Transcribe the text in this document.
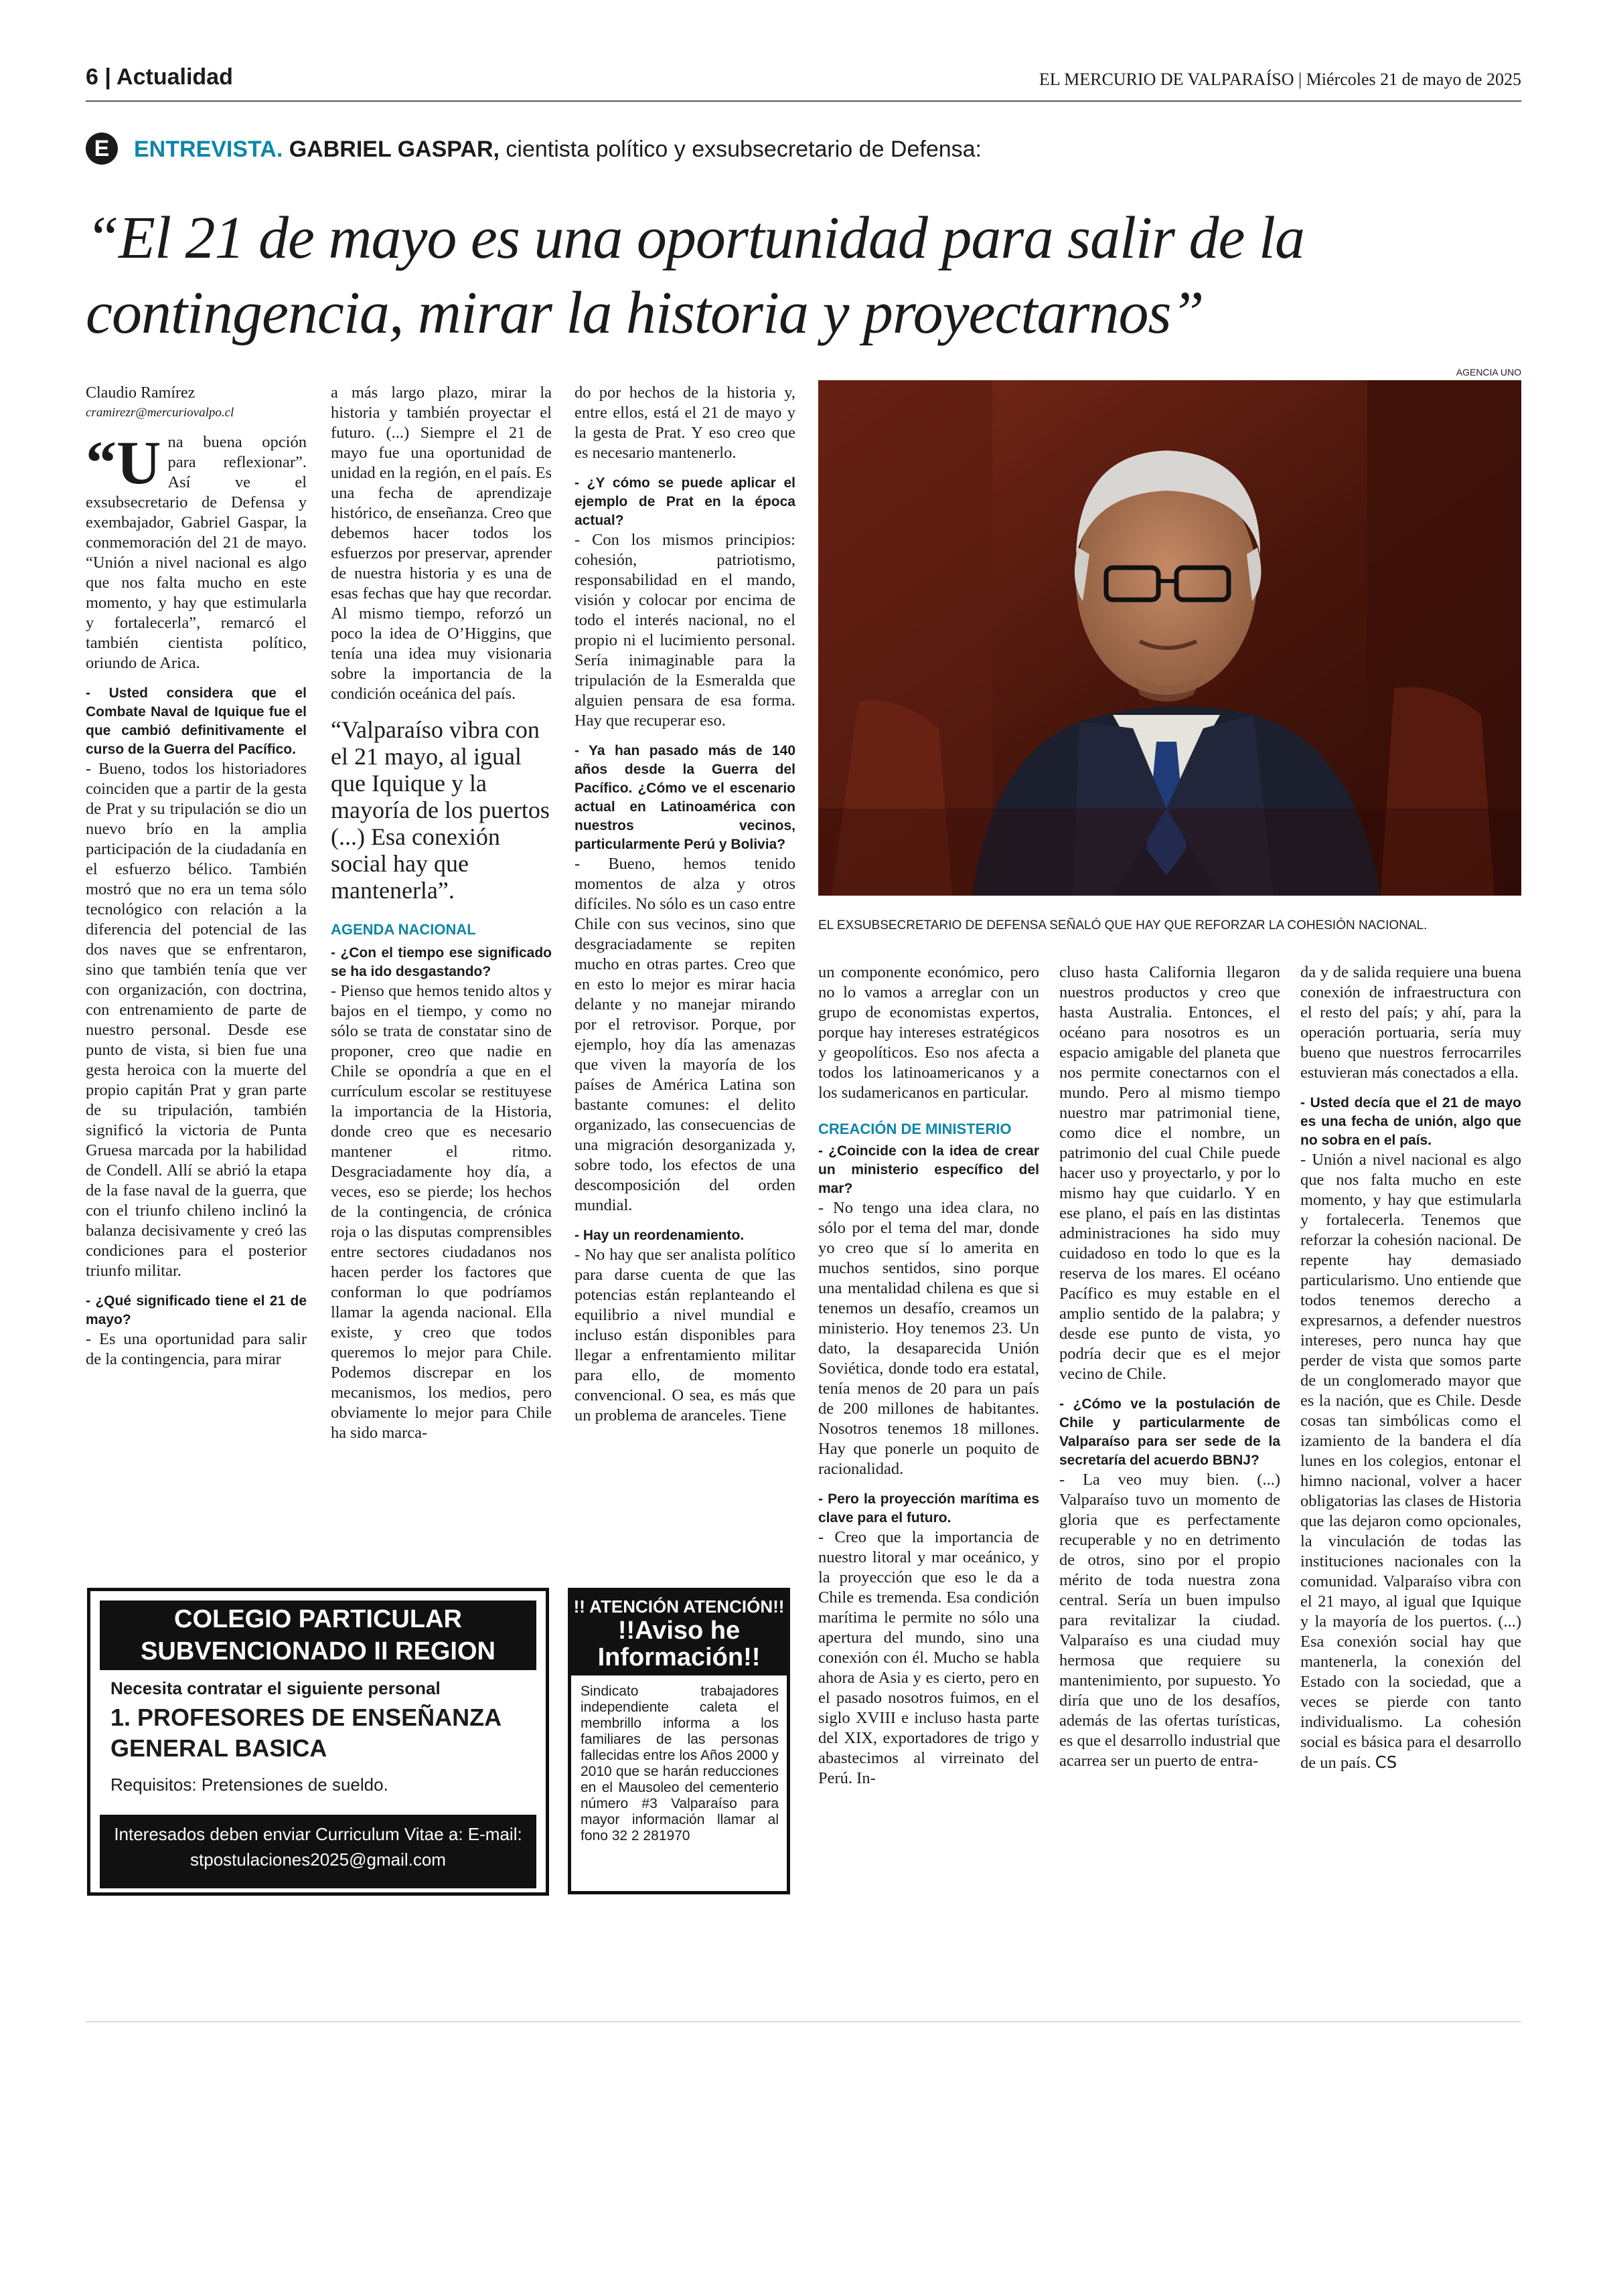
6 | Actualidad	EL MERCURIO DE VALPARAÍSO | Miércoles 21 de mayo de 2025
E	ENTREVISTA. GABRIEL GASPAR, cientista político y exsubsecretario de Defensa:
“El 21 de mayo es una oportunidad para salir de la contingencia, mirar la historia y proyectarnos”

Claudio Ramírez

cramirezr@mercuriovalpo.cl

“Una buena opción para reflexionar”. Así ve el exsubsecretario de Defensa y exembajador, Gabriel Gaspar, la conmemoración del 21 de mayo. “Unión a nivel nacional es algo que nos falta mucho en este momento, y hay que estimularla y fortalecerla”, remarcó el también cientista político, oriundo de Arica.

- Usted considera que el Combate Naval de Iquique fue el que cambió definitivamente el curso de la Guerra del Pacífico.

- Bueno, todos los historiadores coinciden que a partir de la gesta de Prat y su tripulación se dio un nuevo brío en la amplia participación de la ciudadanía en el esfuerzo bélico. También mostró que no era un tema sólo tecnológico con relación a la diferencia del potencial de las dos naves que se enfrentaron, sino que también tenía que ver con organización, con doctrina, con entrenamiento de parte de nuestro personal. Desde ese punto de vista, si bien fue una gesta heroica con la muerte del propio capitán Prat y gran parte de su tripulación, también significó la victoria de Punta Gruesa marcada por la habilidad de Condell. Allí se abrió la etapa de la fase naval de la guerra, que con el triunfo chileno inclinó la balanza decisivamente y creó las condiciones para el posterior triunfo militar.

- ¿Qué significado tiene el 21 de mayo?

- Es una oportunidad para salir de la contingencia, para mirar

a más largo plazo, mirar la historia y también proyectar el futuro. (...) Siempre el 21 de mayo fue una oportunidad de unidad en la región, en el país. Es una fecha de aprendizaje histórico, de enseñanza. Creo que debemos hacer todos los esfuerzos por preservar, aprender de nuestra historia y es una de esas fechas que hay que recordar. Al mismo tiempo, reforzó un poco la idea de O’Higgins, que tenía una idea muy visionaria sobre la importancia de la condición oceánica del país.

“Valparaíso vibra con el 21 mayo, al igual que Iquique y la mayoría de los puertos (...) Esa conexión social hay que mantenerla”.

AGENDA NACIONAL

- ¿Con el tiempo ese significado se ha ido desgastando?

- Pienso que hemos tenido altos y bajos en el tiempo, y como no sólo se trata de constatar sino de proponer, creo que nadie en Chile se opondría a que en el currículum escolar se restituyese la importancia de la Historia, donde creo que es necesario mantener el ritmo. Desgraciadamente hoy día, a veces, eso se pierde; los hechos de la contingencia, de crónica roja o las disputas comprensibles entre sectores ciudadanos nos hacen perder los factores que conforman lo que podríamos llamar la agenda nacional. Ella existe, y creo que todos queremos lo mejor para Chile. Podemos discrepar en los mecanismos, los medios, pero obviamente lo mejor para Chile ha sido marca-

do por hechos de la historia y, entre ellos, está el 21 de mayo y la gesta de Prat. Y eso creo que es necesario mantenerlo.

- ¿Y cómo se puede aplicar el ejemplo de Prat en la época actual?

- Con los mismos principios: cohesión, patriotismo, responsabilidad en el mando, visión y colocar por encima de todo el interés nacional, no el propio ni el lucimiento personal. Sería inimaginable para la tripulación de la Esmeralda que alguien pensara de esa forma. Hay que recuperar eso.

- Ya han pasado más de 140 años desde la Guerra del Pacífico. ¿Cómo ve el escenario actual en Latinoamérica con nuestros vecinos, particularmente Perú y Bolivia?

- Bueno, hemos tenido momentos de alza y otros difíciles. No sólo es un caso entre Chile con sus vecinos, sino que desgraciadamente se repiten mucho en otras partes. Creo que en esto lo mejor es mirar hacia delante y no manejar mirando por el retrovisor. Porque, por ejemplo, hoy día las amenazas que viven la mayoría de los países de América Latina son bastante comunes: el delito organizado, las consecuencias de una migración desorganizada y, sobre todo, los efectos de una descomposición del orden mundial.

- Hay un reordenamiento.

- No hay que ser analista político para darse cuenta de que las potencias están replanteando el equilibrio a nivel mundial e incluso están disponibles para llegar a enfrentamiento militar para ello, de momento convencional. O sea, es más que un problema de aranceles. Tiene

AGENCIA UNO
EL EXSUBSECRETARIO DE DEFENSA SEÑALÓ QUE HAY QUE REFORZAR LA COHESIÓN NACIONAL.

un componente económico, pero no lo vamos a arreglar con un grupo de economistas expertos, porque hay intereses estratégicos y geopolíticos. Eso nos afecta a todos los latinoamericanos y a los sudamericanos en particular.

CREACIÓN DE MINISTERIO

- ¿Coincide con la idea de crear un ministerio específico del mar?

- No tengo una idea clara, no sólo por el tema del mar, donde yo creo que sí lo amerita en muchos sentidos, sino porque una mentalidad chilena es que si tenemos un desafío, creamos un ministerio. Hoy tenemos 23. Un dato, la desaparecida Unión Soviética, donde todo era estatal, tenía menos de 20 para un país de 200 millones de habitantes. Nosotros tenemos 18 millones. Hay que ponerle un poquito de racionalidad.

- Pero la proyección marítima es clave para el futuro.

- Creo que la importancia de nuestro litoral y mar oceánico, y la proyección que eso le da a Chile es tremenda. Esa condición marítima le permite no sólo una apertura del mundo, sino una conexión con él. Mucho se habla ahora de Asia y es cierto, pero en el pasado nosotros fuimos, en el siglo XVIII e incluso hasta parte del XIX, exportadores de trigo y abastecimos al virreinato del Perú. In-

cluso hasta California llegaron nuestros productos y creo que hasta Australia. Entonces, el océano para nosotros es un espacio amigable del planeta que nos permite conectarnos con el mundo. Pero al mismo tiempo nuestro mar patrimonial tiene, como dice el nombre, un patrimonio del cual Chile puede hacer uso y proyectarlo, y por lo mismo hay que cuidarlo. Y en ese plano, el país en las distintas administraciones ha sido muy cuidadoso en todo lo que es la reserva de los mares. El océano Pacífico es muy estable en el amplio sentido de la palabra; y desde ese punto de vista, yo podría decir que es el mejor vecino de Chile.

- ¿Cómo ve la postulación de Chile y particularmente de Valparaíso para ser sede de la secretaría del acuerdo BBNJ?

- La veo muy bien. (...) Valparaíso tuvo un momento de gloria que es perfectamente recuperable y no en detrimento de otros, sino por el propio mérito de toda nuestra zona central. Sería un buen impulso para revitalizar la ciudad. Valparaíso es una ciudad muy hermosa que requiere su mantenimiento, por supuesto. Yo diría que uno de los desafíos, además de las ofertas turísticas, es que el desarrollo industrial que acarrea ser un puerto de entra-

da y de salida requiere una buena conexión de infraestructura con el resto del país; y ahí, para la operación portuaria, sería muy bueno que nuestros ferrocarriles estuvieran más conectados a ella.

- Usted decía que el 21 de mayo es una fecha de unión, algo que no sobra en el país.

- Unión a nivel nacional es algo que nos falta mucho en este momento, y hay que estimularla y fortalecerla. Tenemos que reforzar la cohesión nacional. De repente hay demasiado particularismo. Uno entiende que todos tenemos derecho a expresarnos, a defender nuestros intereses, pero nunca hay que perder de vista que somos parte de un conglomerado mayor que es la nación, que es Chile. Desde cosas tan simbólicas como el izamiento de la bandera el día lunes en los colegios, entonar el himno nacional, volver a hacer obligatorias las clases de Historia que las dejaron como opcionales, la vinculación de todas las instituciones nacionales con la comunidad. Valparaíso vibra con el 21 mayo, al igual que Iquique y la mayoría de los puertos. (...) Esa conexión social hay que mantenerla, la conexión del Estado con la sociedad, que a veces se pierde con tanto individualismo. La cohesión social es básica para el desarrollo de un país. CS

COLEGIO PARTICULAR SUBVENCIONADO II REGION
Necesita contratar el siguiente personal
1. PROFESORES DE ENSEÑANZA GENERAL BASICA
Requisitos: Pretensiones de sueldo.
Interesados deben enviar Curriculum Vitae a: E-mail: stpostulaciones2025@gmail.com
!! ATENCIÓN ATENCIÓN!!
!!Aviso he Información!!
Sindicato trabajadores independiente caleta el membrillo informa a los familiares de las personas fallecidas entre los Años 2000 y 2010 que se harán reducciones en el Mausoleo del cementerio número #3 Valparaíso para mayor información llamar al fono 32 2 281970
